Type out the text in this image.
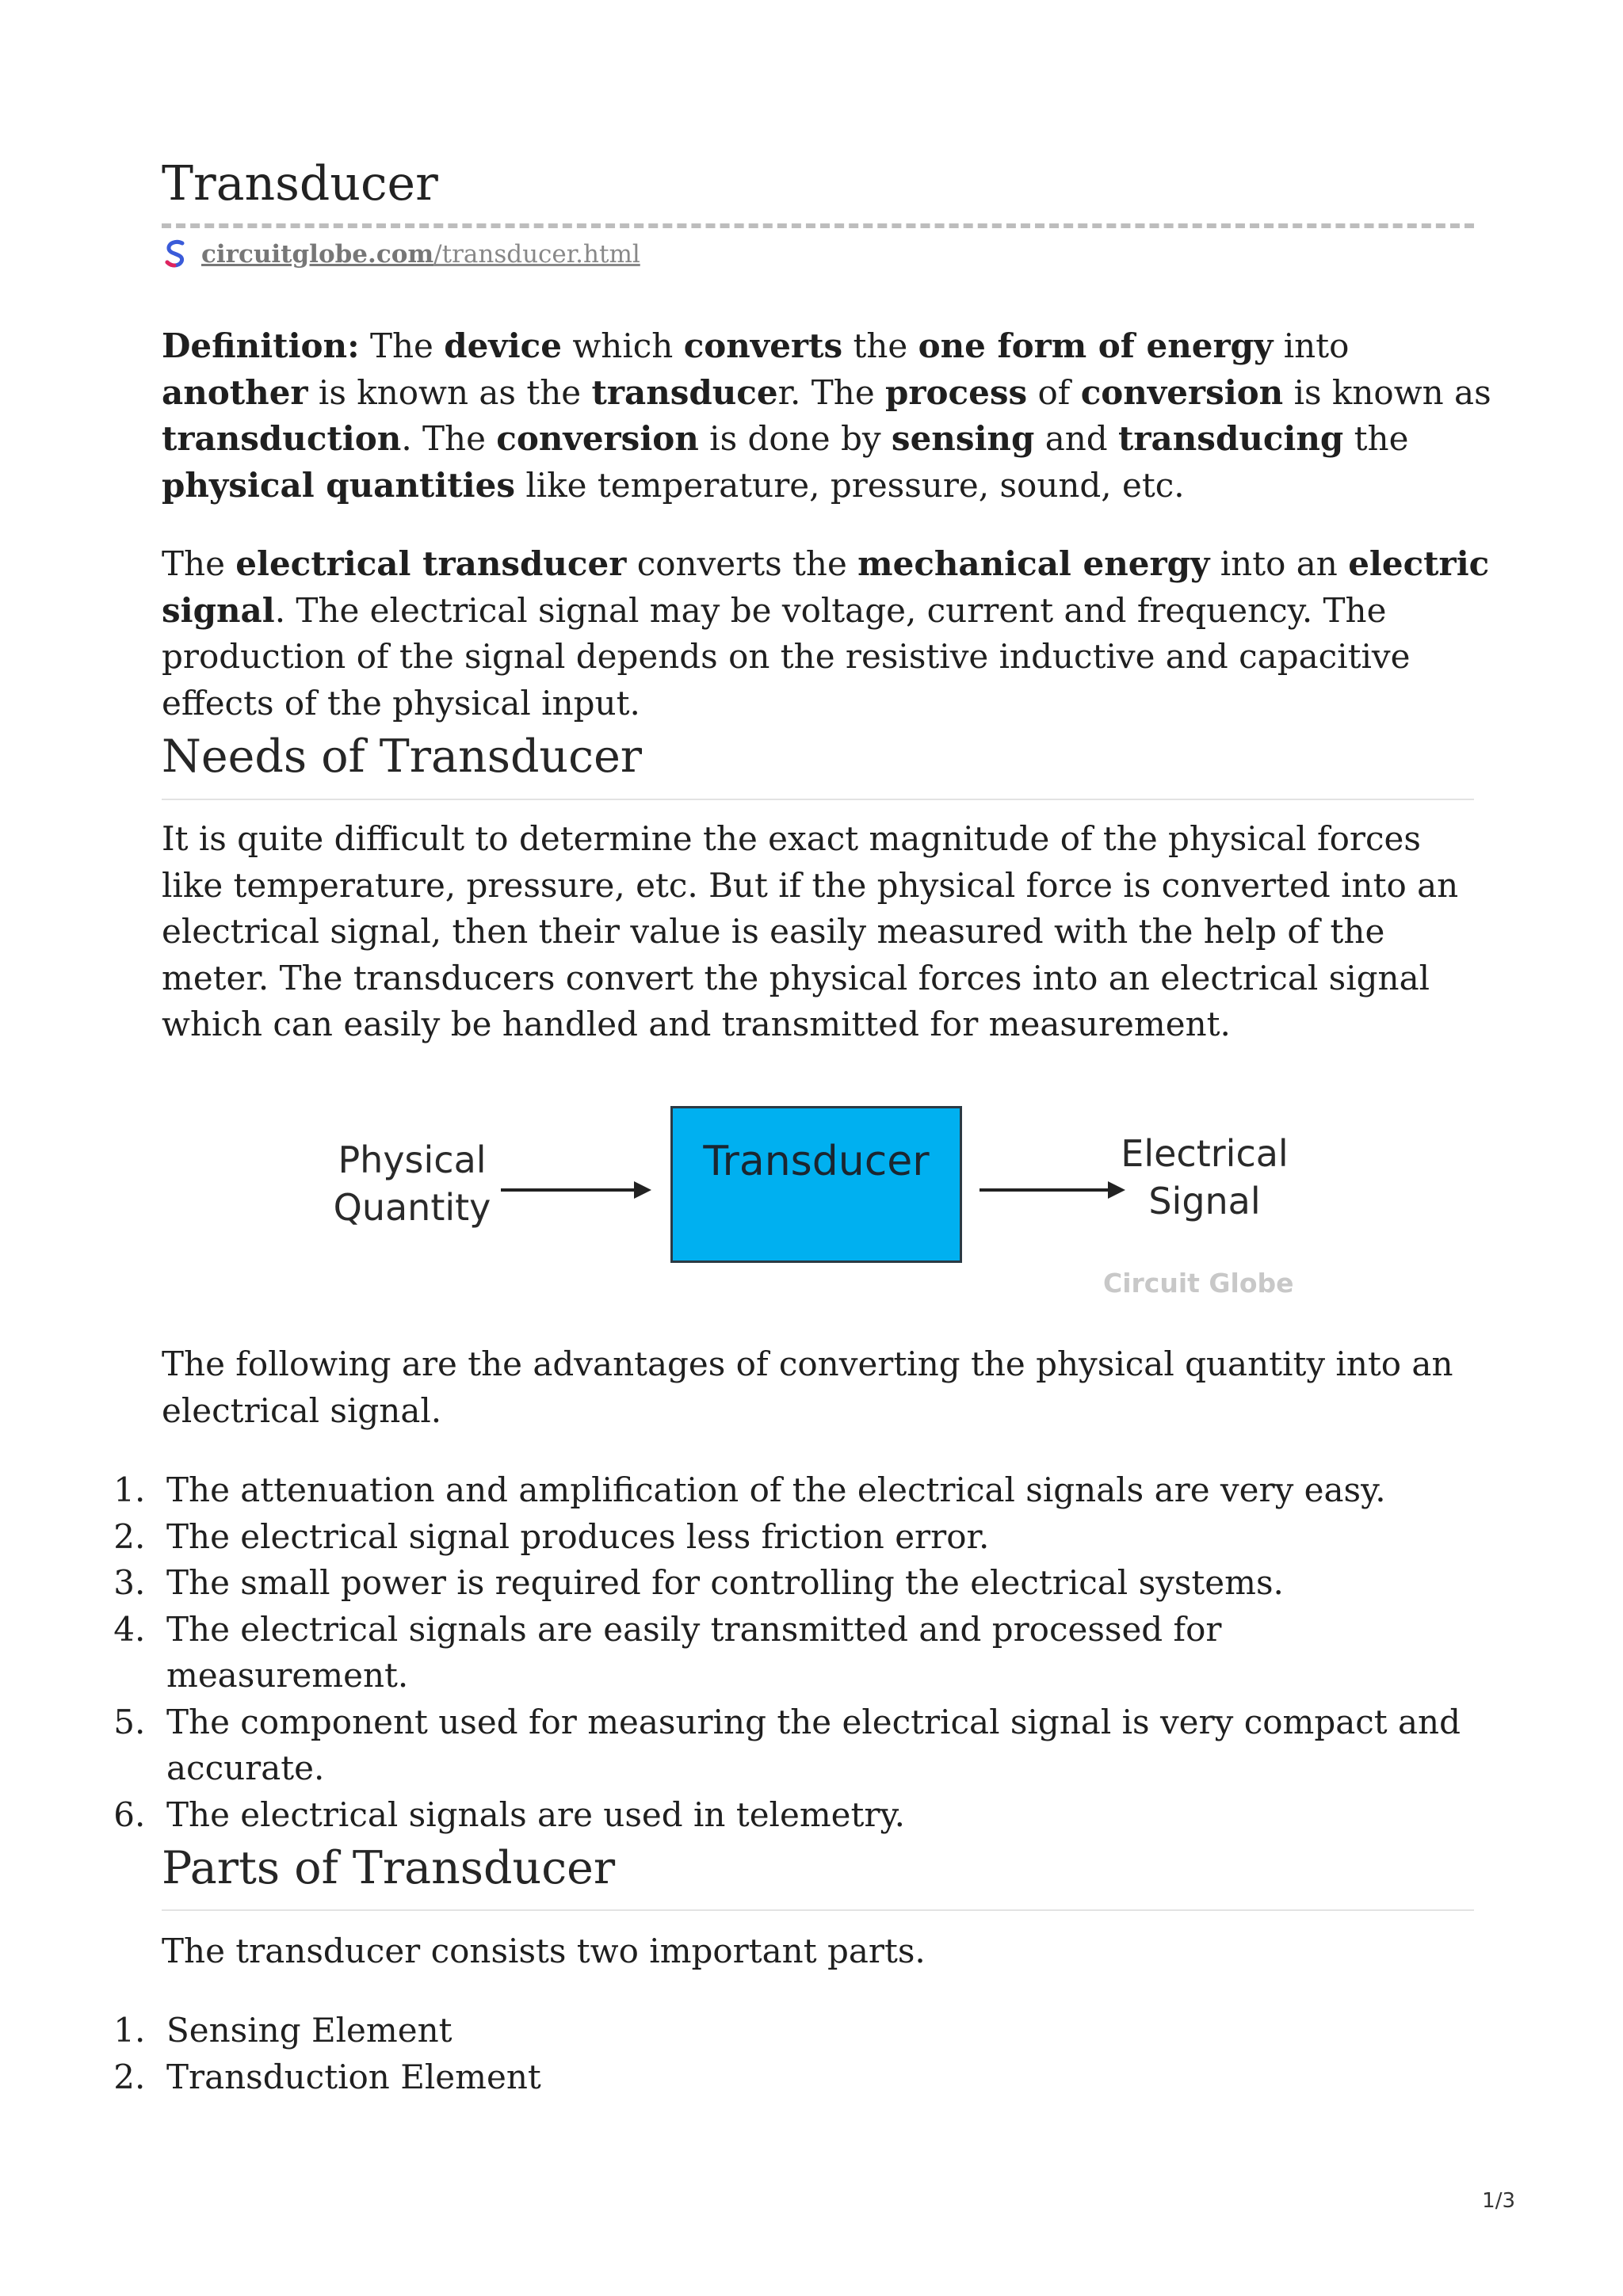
Transducer
circuitglobe.com /transducer.html

Definition: The device which converts the one form of energy into another is known as the transducer. The process of conversion is known as transduction. The conversion is done by sensing and transducing the physical quantities like temperature, pressure, sound, etc.

The electrical transducer converts the mechanical energy into an electric signal. The electrical signal may be voltage, current and frequency. The production of the signal depends on the resistive inductive and capacitive effects of the physical input.

Needs of Transducer

It is quite difficult to determine the exact magnitude of the physical forces like temperature, pressure, etc. But if the physical force is converted into an electrical signal, then their value is easily measured with the help of the meter. The transducers convert the physical forces into an electrical signal which can easily be handled and transmitted for measurement.

The following are the advantages of converting the physical quantity into an electrical signal.

1. The attenuation and amplification of the electrical signals are very easy.
2. The electrical signal produces less friction error.
3. The small power is required for controlling the electrical systems.
4. The electrical signals are easily transmitted and processed for measurement.
5. The component used for measuring the electrical signal is very compact and accurate.
6. The electrical signals are used in telemetry.
Parts of Transducer

The transducer consists two important parts.

1. Sensing Element
2. Transduction Element
Physical
Quantity
Transducer	Electrical
Signal
Circuit Globe
1/3
